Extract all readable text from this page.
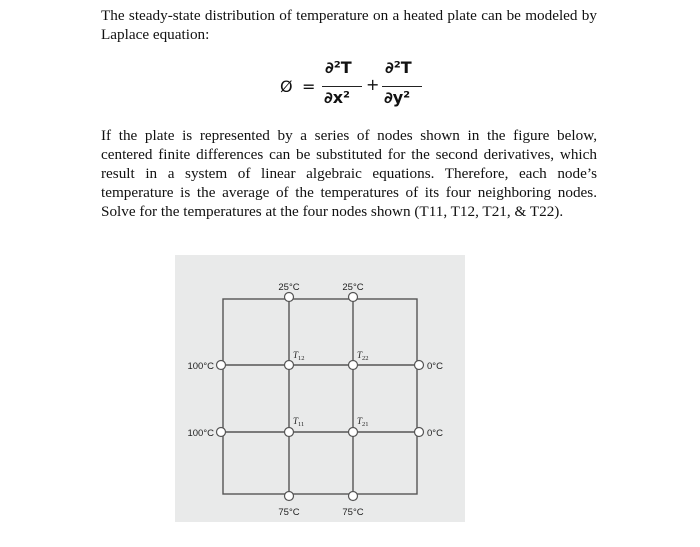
The steady-state distribution of temperature on a heated plate can be modeled by Laplace equation:

Ø =
∂²T
∂x²
+
∂²T
∂y²

If the plate is represented by a series of nodes shown in the figure below, centered finite differences can be substituted for the second derivatives, which result in a system of linear algebraic equations. Therefore, each node’s temperature is the average of the temperatures of its four neighboring nodes. Solve for the temperatures at the four nodes shown (T11, T12, T21, & T22).

25°C	25°C
100°C
100°C
0°C
0°C
75°C	75°C
$T_{12}$	$T_{22}$
$T_{11}$	$T_{21}$
